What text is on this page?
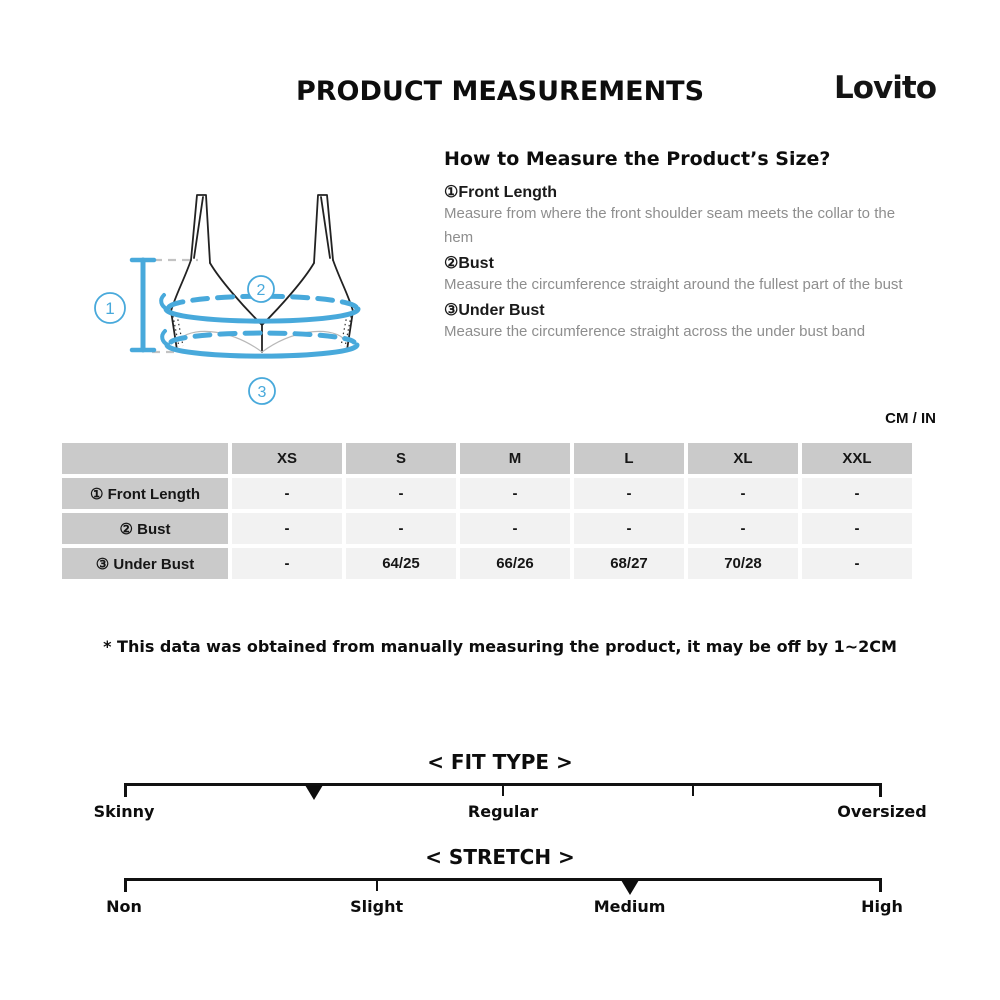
PRODUCT MEASUREMENTS	Lovito
1
2
3
How to Measure the Product’s Size?
①Front Length
Measure from where the front shoulder seam meets the collar to the hem
②Bust
Measure the circumference straight around the fullest part of the bust
③Under Bust
Measure the circumference straight across the under bust band
CM / IN
	XS	S	M	L	XL	XXL
① Front Length	-	-	-	-	-	-
② Bust	-	-	-	-	-	-
③ Under Bust	-	64/25	66/26	68/27	70/28	-
* This data was obtained from manually measuring the product, it may be off by 1~2CM
< FIT TYPE >
Skinny	Regular	Oversized
< STRETCH >
Non	Slight	Medium	High
